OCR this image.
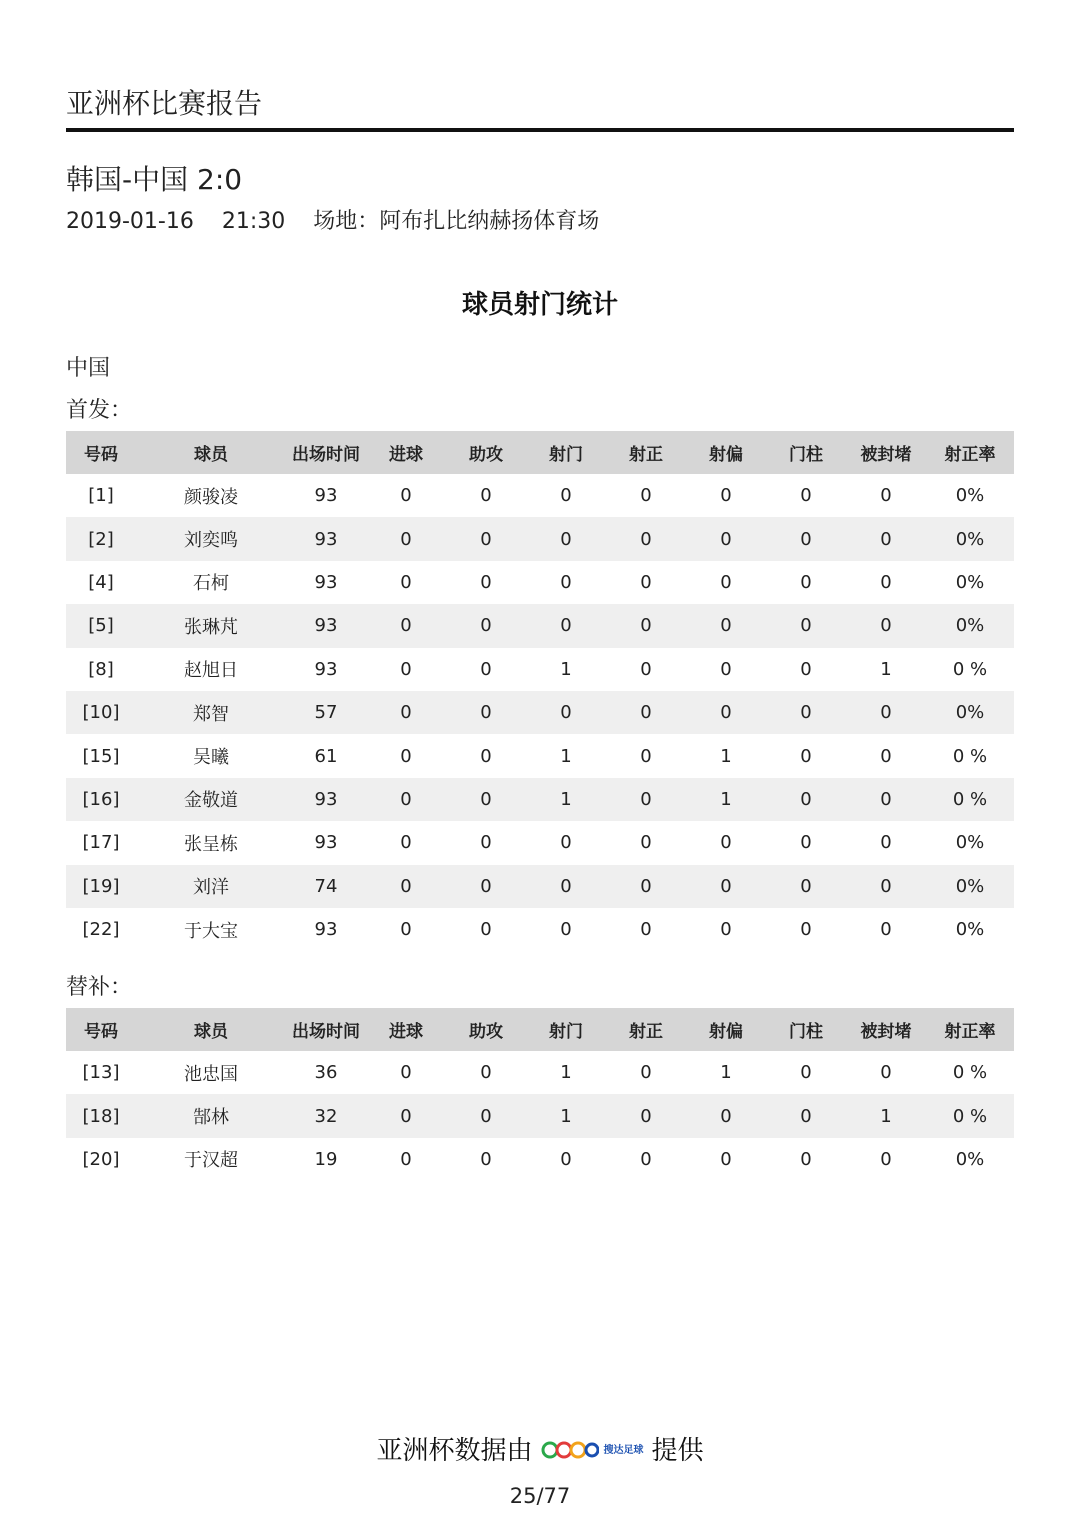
亚洲杯比赛报告
韩国-中国 2:0
2019-01-16 21:30 场地：阿布扎比纳赫扬体育场
球员射门统计
中国
首发：
号码	球员	出场时间	进球	助攻	射门	射正	射偏	门柱	被封堵	射正率
[1]	颜骏凌	93	0	0	0	0	0	0	0	0%
[2]	刘奕鸣	93	0	0	0	0	0	0	0	0%
[4]	石柯	93	0	0	0	0	0	0	0	0%
[5]	张琳芃	93	0	0	0	0	0	0	0	0%
[8]	赵旭日	93	0	0	1	0	0	0	1	0 %
[10]	郑智	57	0	0	0	0	0	0	0	0%
[15]	吴曦	61	0	0	1	0	1	0	0	0 %
[16]	金敬道	93	0	0	1	0	1	0	0	0 %
[17]	张呈栋	93	0	0	0	0	0	0	0	0%
[19]	刘洋	74	0	0	0	0	0	0	0	0%
[22]	于大宝	93	0	0	0	0	0	0	0	0%
替补：
号码	球员	出场时间	进球	助攻	射门	射正	射偏	门柱	被封堵	射正率
[13]	池忠国	36	0	0	1	0	1	0	0	0 %
[18]	郜林	32	0	0	1	0	0	0	1	0 %
[20]	于汉超	19	0	0	0	0	0	0	0	0%
亚洲杯数据由	搜达足球 提供
25/77
